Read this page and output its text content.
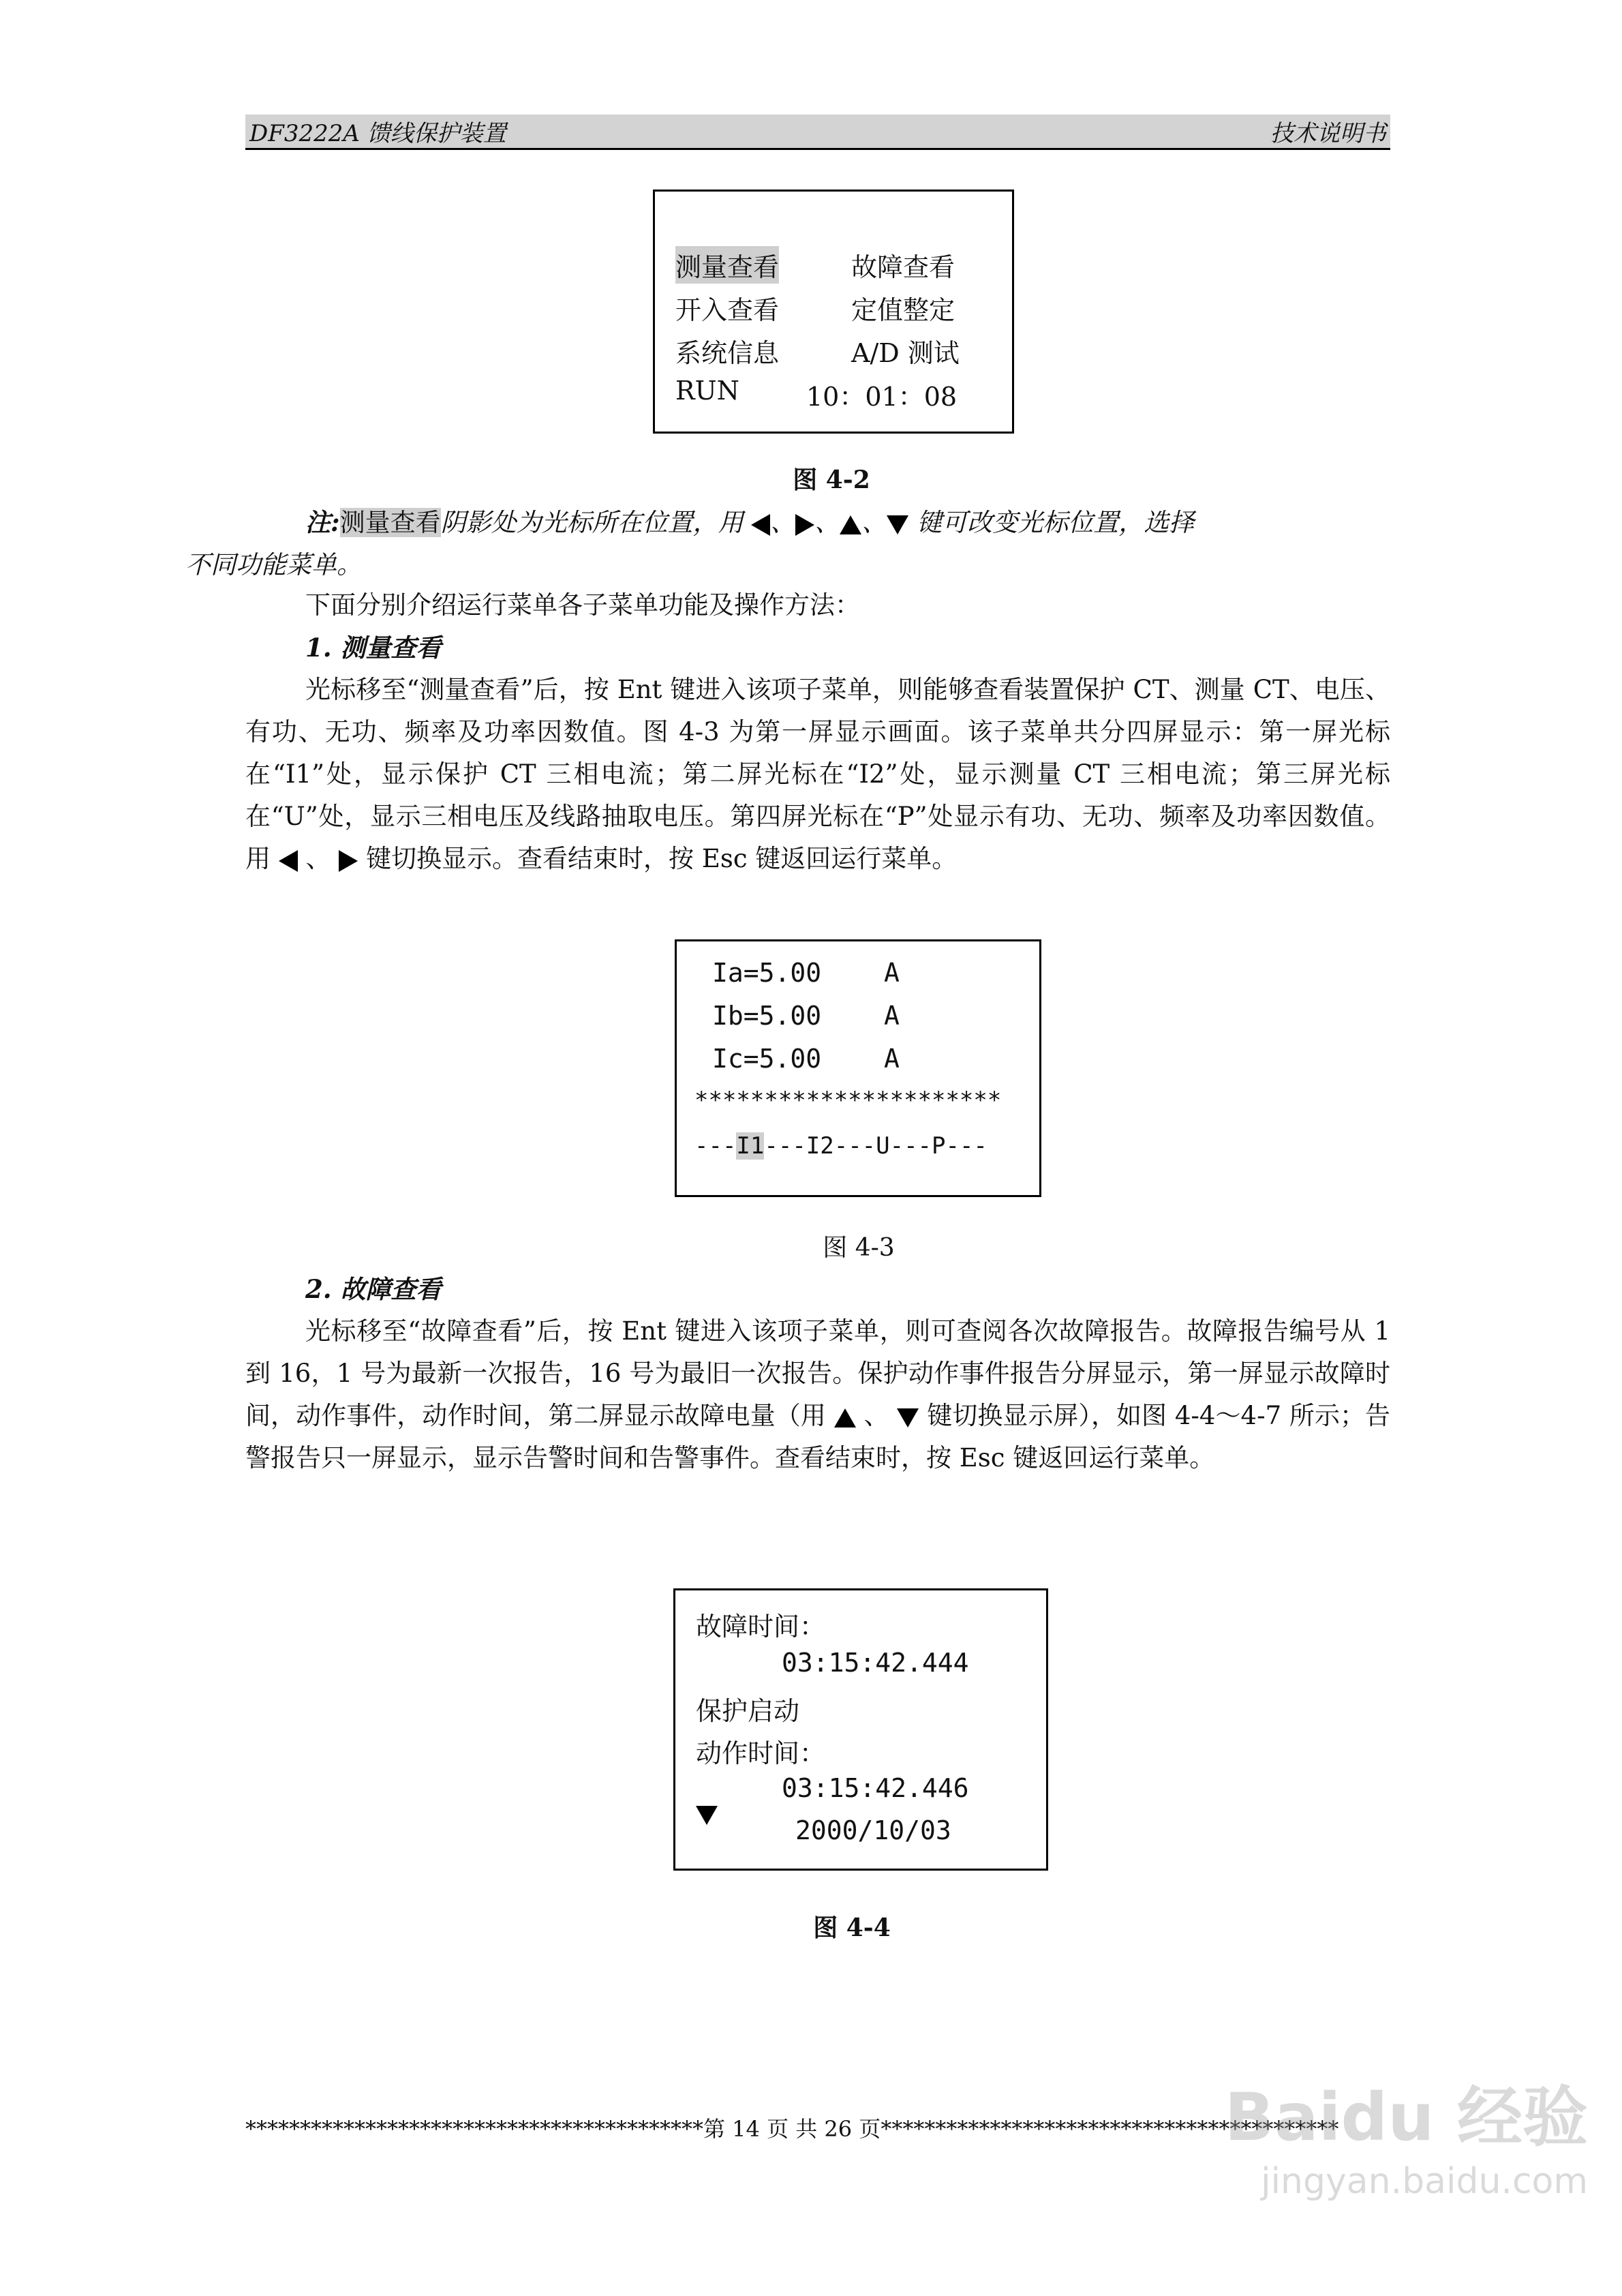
DF3222A 馈线保护装置	技术说明书
测量查看	故障查看
开入查看	定值整定
系统信息	A/D 测试
RUN	10：01：08
图 4-2
注:测量查看阴影处为光标所在位置，用 、 、 、 键可改变光标位置，选择
不同功能菜单。
下面分别介绍运行菜单各子菜单功能及操作方法：
1. 测量查看
光标移至“测量查看”后，按 Ent 键进入该项子菜单，则能够查看装置保护 CT、测量 CT、电压、有功、无功、频率及功率因数值。图 4-3 为第一屏显示画面。该子菜单共分四屏显示：第一屏光标在“I1”处，显示保护 CT 三相电流；第二屏光标在“I2”处，显示测量 CT 三相电流；第三屏光标在“U”处，显示三相电压及线路抽取电压。第四屏光标在“P”处显示有功、无功、频率及功率因数值。用 、 键切换显示。查看结束时，按 Esc 键返回运行菜单。
Ia=5.00 A
Ib=5.00 A
Ic=5.00 A
**********************
---I1---I2---U---P---
图 4-3
2. 故障查看
光标移至“故障查看”后，按 Ent 键进入该项子菜单，则可查阅各次故障报告。故障报告编号从 1 到 16，1 号为最新一次报告，16 号为最旧一次报告。保护动作事件报告分屏显示，第一屏显示故障时间，动作事件，动作时间，第二屏显示故障电量（用 、 键切换显示屏），如图 4-4～4-7 所示；告警报告只一屏显示，显示告警时间和告警事件。查看结束时，按 Esc 键返回运行菜单。
故障时间：
03:15:42.444
保护启动
动作时间：
03:15:42.446
2000/10/03
图 4-4
******************************************第 14 页 共 26 页******************************************
Baidu 经验
jingyan.baidu.com
